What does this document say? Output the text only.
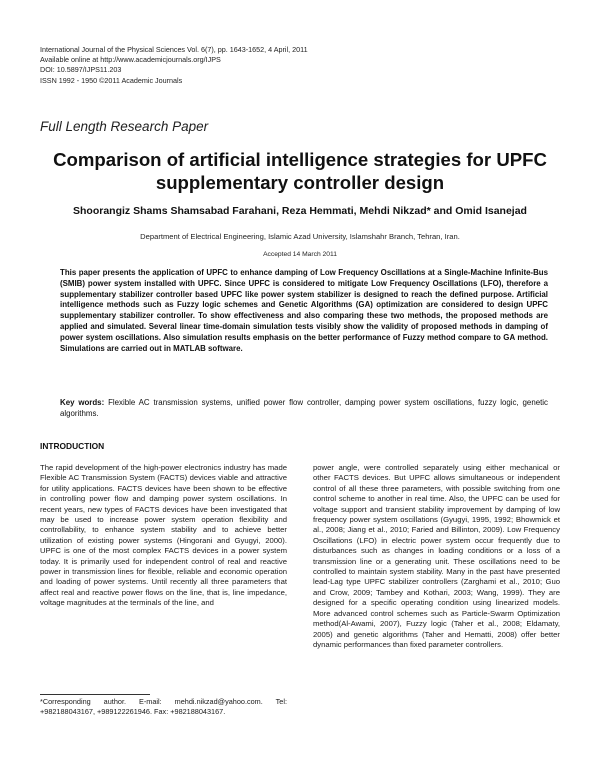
International Journal of the Physical Sciences Vol. 6(7), pp. 1643-1652, 4 April, 2011
Available online at http://www.academicjournals.org/IJPS
DOI: 10.5897/IJPS11.203
ISSN 1992 - 1950 ©2011 Academic Journals
Full Length Research Paper
Comparison of artificial intelligence strategies for UPFC supplementary controller design
Shoorangiz Shams Shamsabad Farahani, Reza Hemmati, Mehdi Nikzad* and Omid Isanejad
Department of Electrical Engineering, Islamic Azad University, Islamshahr Branch, Tehran, Iran.
Accepted 14 March 2011
This paper presents the application of UPFC to enhance damping of Low Frequency Oscillations at a Single-Machine Infinite-Bus (SMIB) power system installed with UPFC. Since UPFC is considered to mitigate Low Frequency Oscillations (LFO), therefore a supplementary stabilizer controller based UPFC like power system stabilizer is designed to reach the defined purpose. Artificial intelligence methods such as Fuzzy logic schemes and Genetic Algorithms (GA) optimization are considered to design UPFC supplementary stabilizer controller. To show effectiveness and also comparing these two methods, the proposed methods are applied and simulated. Several linear time-domain simulation tests visibly show the validity of proposed methods in damping of power system oscillations. Also simulation results emphasis on the better performance of Fuzzy method compare to GA method. Simulations are carried out in MATLAB software.
Key words: Flexible AC transmission systems, unified power flow controller, damping power system oscillations, fuzzy logic, genetic algorithms.
INTRODUCTION
The rapid development of the high-power electronics industry has made Flexible AC Transmission System (FACTS) devices viable and attractive for utility applications. FACTS devices have been shown to be effective in controlling power flow and damping power system oscillations. In recent years, new types of FACTS devices have been investigated that may be used to increase power system operation flexibility and controllability, to enhance system stability and to achieve better utilization of existing power systems (Hingorani and Gyugyi, 2000). UPFC is one of the most complex FACTS devices in a power system today. It is primarily used for independent control of real and reactive power in transmission lines for flexible, reliable and economic operation and loading of power systems. Until recently all three parameters that affect real and reactive power flows on the line, that is, line impedance, voltage magnitudes at the terminals of the line, and
power angle, were controlled separately using either mechanical or other FACTS devices. But UPFC allows simultaneous or independent control of all these three parameters, with possible switching from one control scheme to another in real time. Also, the UPFC can be used for voltage support and transient stability improvement by damping of low frequency power system oscillations (Gyugyi, 1995, 1992; Bhowmick et al., 2008; Jiang et al., 2010; Faried and Billinton, 2009). Low Frequency Oscillations (LFO) in electric power system occur frequently due to disturbances such as changes in loading conditions or a loss of a transmission line or a generating unit. These oscillations need to be controlled to maintain system stability. Many in the past have presented lead-Lag type UPFC stabilizer controllers (Zarghami et al., 2010; Guo and Crow, 2009; Tambey and Kothari, 2003; Wang, 1999). They are designed for a specific operating condition using linearized models. More advanced control schemes such as Particle-Swarm Optimization method(Al-Awami, 2007), Fuzzy logic (Taher et al., 2008; Eldamaty, 2005) and genetic algorithms (Taher and Hematti, 2008) offer better dynamic performances than fixed parameter controllers.
*Corresponding author. E-mail: mehdi.nikzad@yahoo.com. Tel: +982188043167, +989122261946. Fax: +982188043167.
